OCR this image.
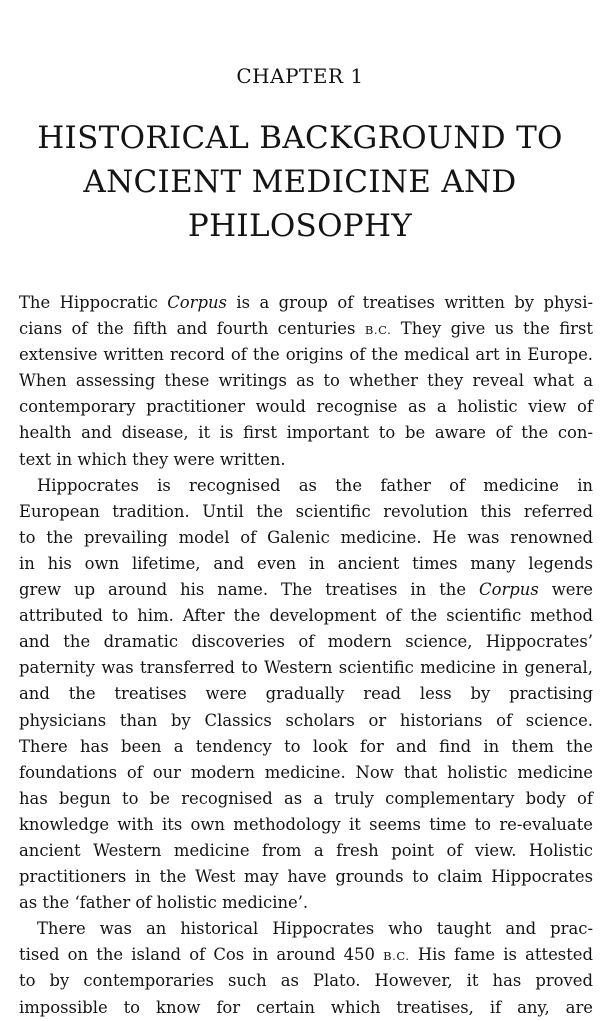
CHAPTER 1
HISTORICAL BACKGROUND TO
ANCIENT MEDICINE AND
PHILOSOPHY
The Hippocratic Corpus is a group of treatises written by physi-
cians of the fifth and fourth centuries B.C. They give us the first
extensive written record of the origins of the medical art in Europe.
When assessing these writings as to whether they reveal what a
contemporary practitioner would recognise as a holistic view of
health and disease, it is first important to be aware of the con-
text in which they were written.
Hippocrates is recognised as the father of medicine in
European tradition. Until the scientific revolution this referred
to the prevailing model of Galenic medicine. He was renowned
in his own lifetime, and even in ancient times many legends
grew up around his name. The treatises in the Corpus were
attributed to him. After the development of the scientific method
and the dramatic discoveries of modern science, Hippocrates’
paternity was transferred to Western scientific medicine in general,
and the treatises were gradually read less by practising
physicians than by Classics scholars or historians of science.
There has been a tendency to look for and find in them the
foundations of our modern medicine. Now that holistic medicine
has begun to be recognised as a truly complementary body of
knowledge with its own methodology it seems time to re-evaluate
ancient Western medicine from a fresh point of view. Holistic
practitioners in the West may have grounds to claim Hippocrates
as the ‘father of holistic medicine’.
There was an historical Hippocrates who taught and prac-
tised on the island of Cos in around 450 B.C. His fame is attested
to by contemporaries such as Plato. However, it has proved
impossible to know for certain which treatises, if any, are
